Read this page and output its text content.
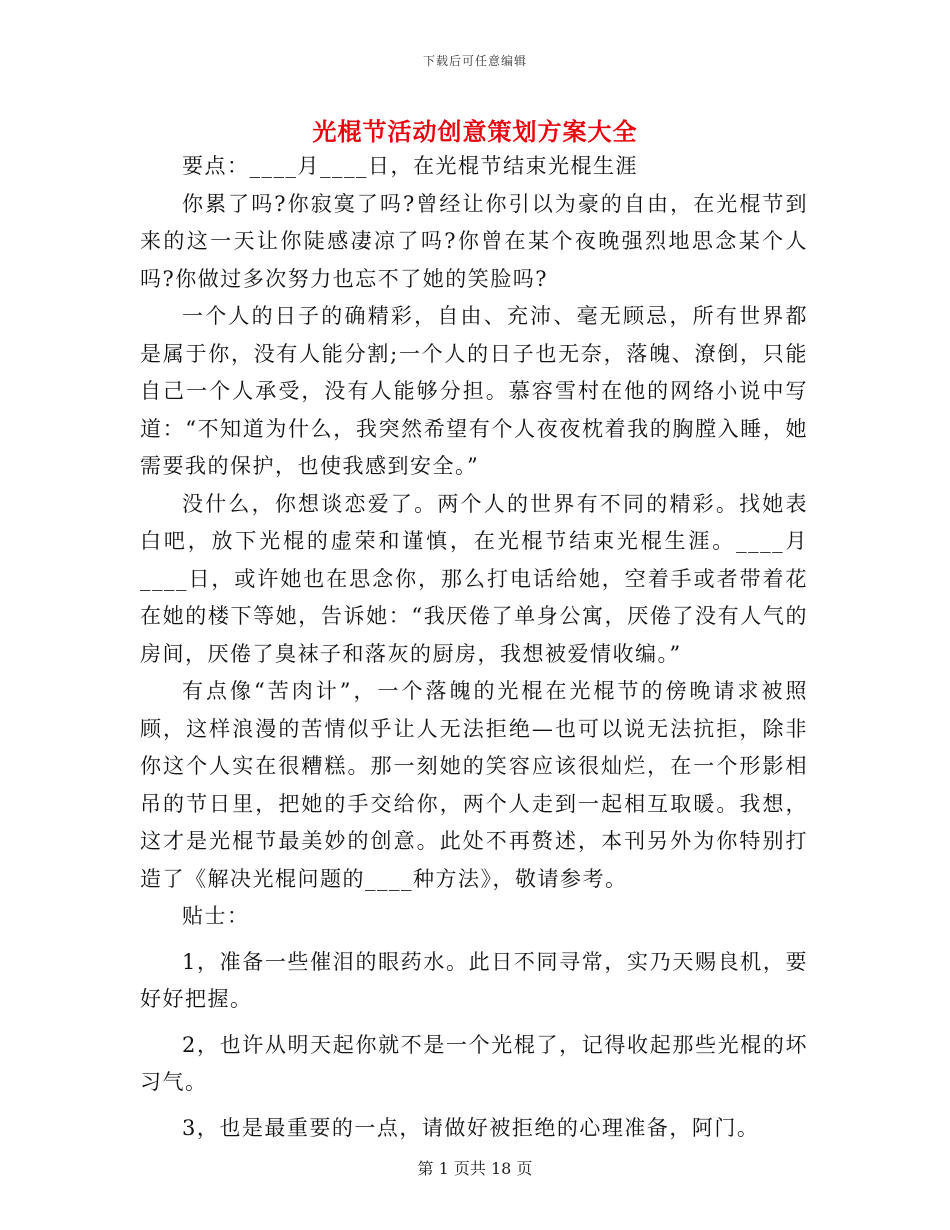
下载后可任意编辑
光棍节活动创意策划方案大全

要点：____月____日，在光棍节结束光棍生涯

你累了吗?你寂寞了吗?曾经让你引以为豪的自由，在光棍节到来的这一天让你陡感凄凉了吗?你曾在某个夜晚强烈地思念某个人吗?你做过多次努力也忘不了她的笑脸吗?

一个人的日子的确精彩，自由、充沛、毫无顾忌，所有世界都是属于你，没有人能分割;一个人的日子也无奈，落魄、潦倒，只能自己一个人承受，没有人能够分担。慕容雪村在他的网络小说中写道：“不知道为什么，我突然希望有个人夜夜枕着我的胸膛入睡，她需要我的保护，也使我感到安全。”

没什么，你想谈恋爱了。两个人的世界有不同的精彩。找她表白吧，放下光棍的虚荣和谨慎，在光棍节结束光棍生涯。____月____日，或许她也在思念你，那么打电话给她，空着手或者带着花在她的楼下等她，告诉她：“我厌倦了单身公寓，厌倦了没有人气的房间，厌倦了臭袜子和落灰的厨房，我想被爱情收编。”

有点像“苦肉计”，一个落魄的光棍在光棍节的傍晚请求被照顾，这样浪漫的苦情似乎让人无法拒绝—也可以说无法抗拒，除非你这个人实在很糟糕。那一刻她的笑容应该很灿烂，在一个形影相吊的节日里，把她的手交给你，两个人走到一起相互取暖。我想，这才是光棍节最美妙的创意。此处不再赘述，本刊另外为你特别打造了《解决光棍问题的____种方法》，敬请参考。

贴士：

1，准备一些催泪的眼药水。此日不同寻常，实乃天赐良机，要好好把握。

2，也许从明天起你就不是一个光棍了，记得收起那些光棍的坏习气。

3，也是最重要的一点，请做好被拒绝的心理准备，阿门。

第 1 页共 18 页
